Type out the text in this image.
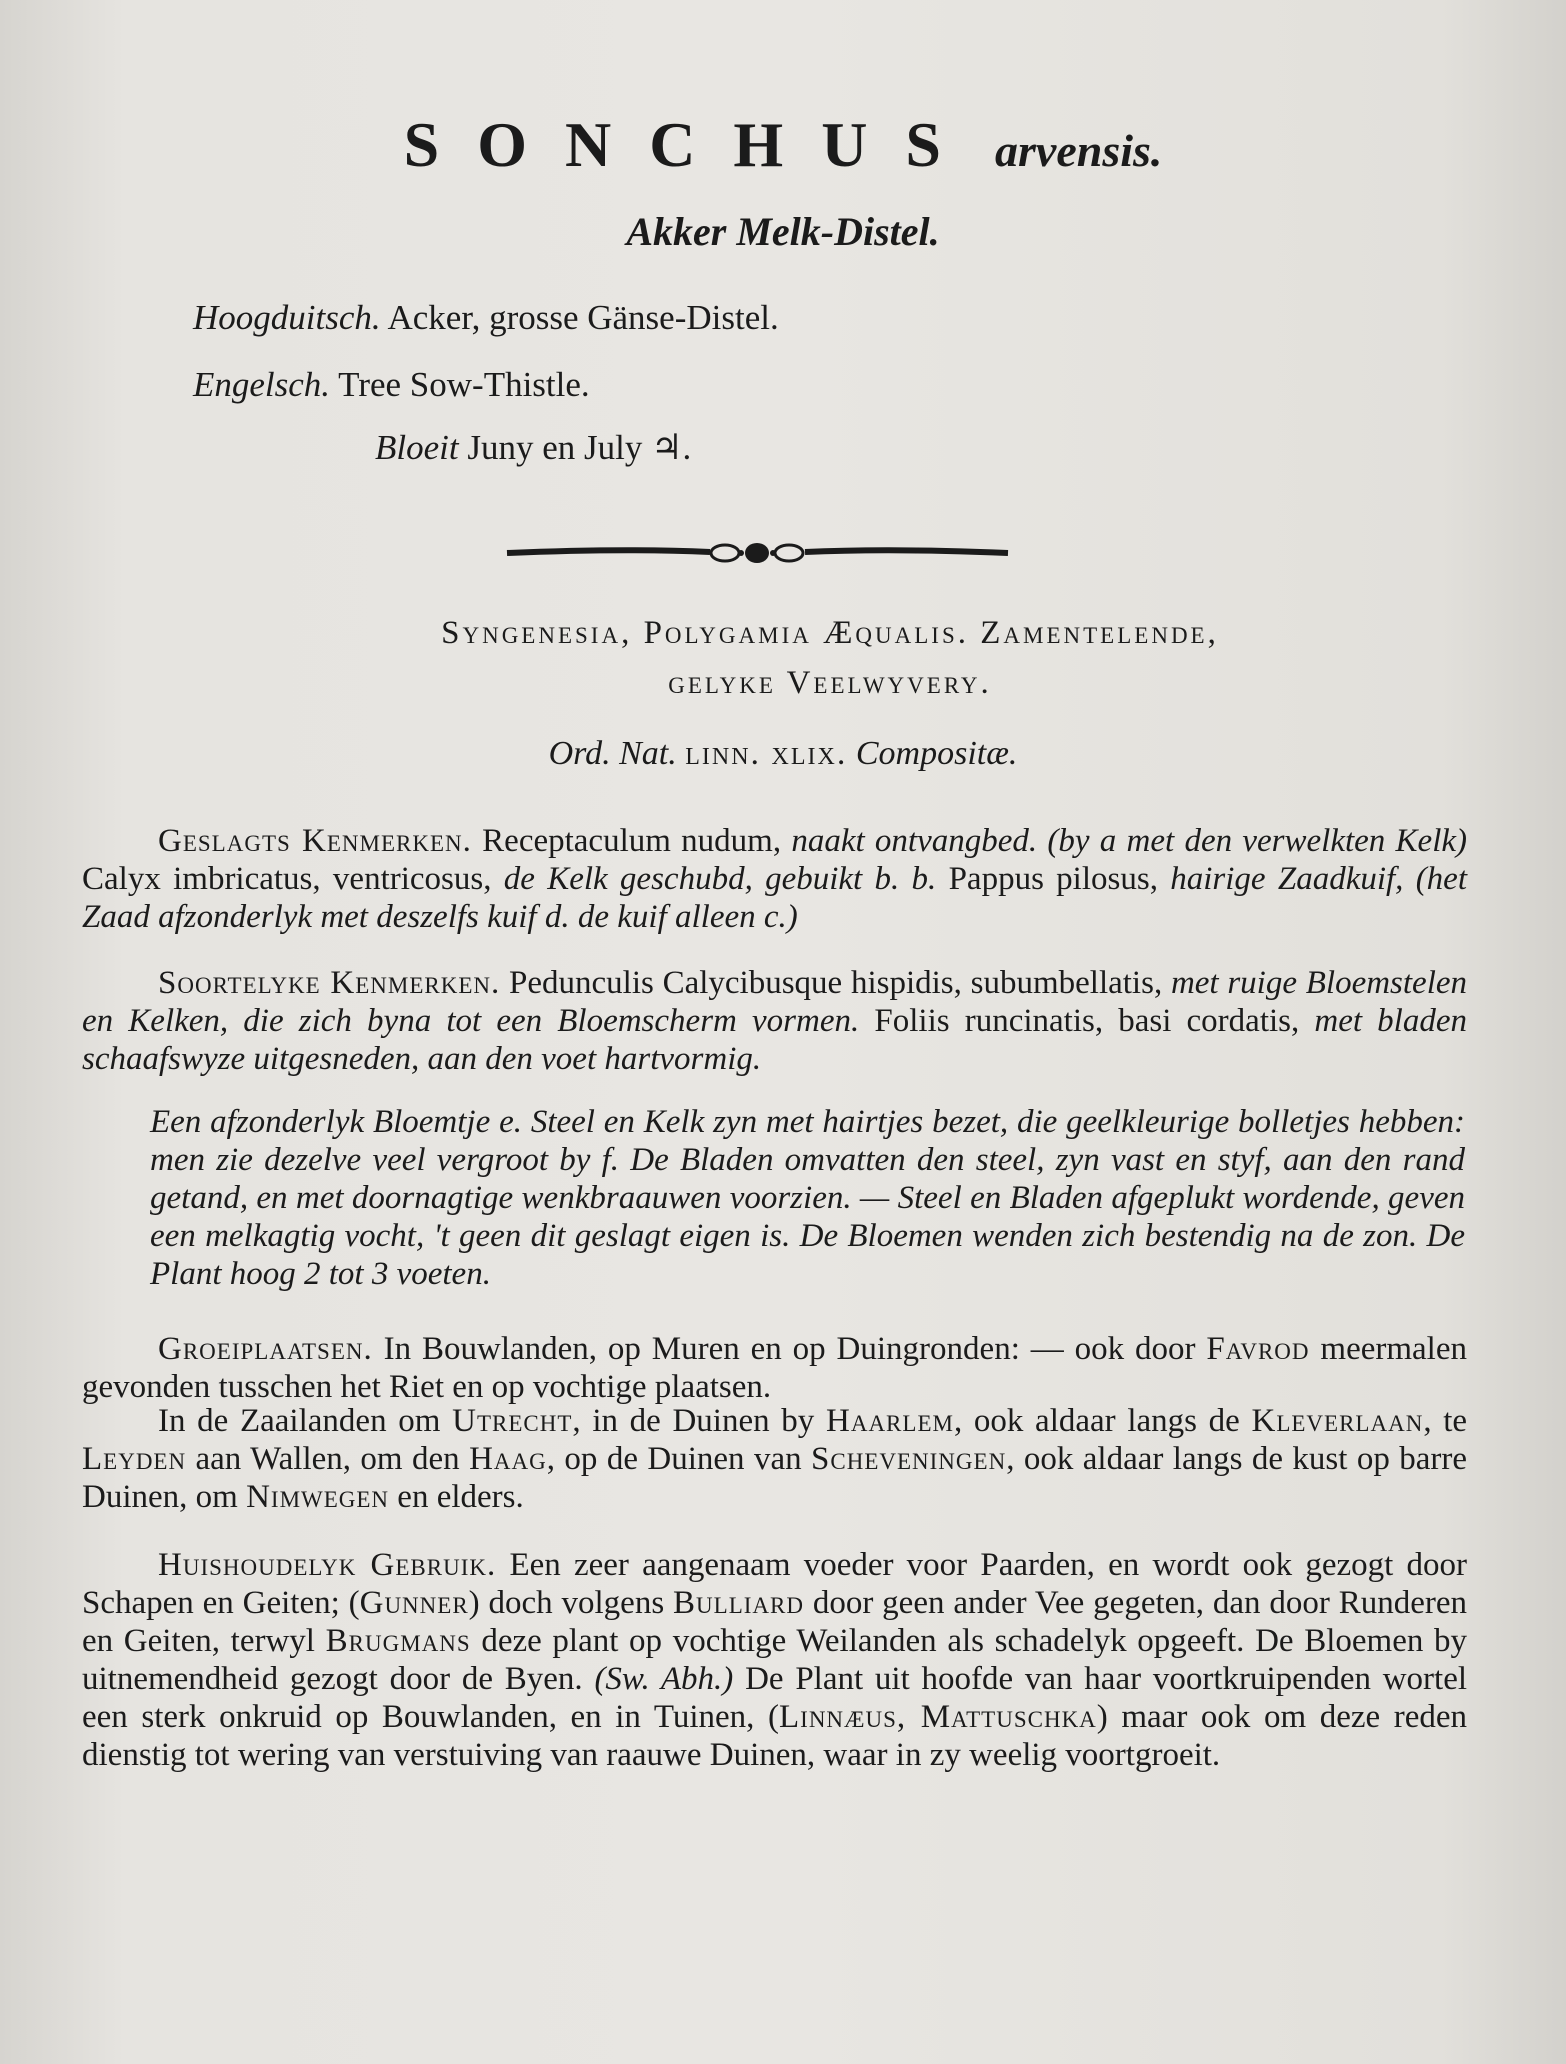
SONCHUS arvensis.
Akker Melk-Distel.
Hoogduitsch. Acker, grosse Gänse-Distel.
Engelsch. Tree Sow-Thistle.
Bloeit Juny en July ♃.
Syngenesia, Polygamia Æqualis. Zamentelende,
gelyke Veelwyvery.
Ord. Nat. linn. xlix. Compositæ.
Geslagts Kenmerken. Receptaculum nudum, naakt ontvangbed. (by a met den verwelkten Kelk) Calyx imbricatus, ventricosus, de Kelk geschubd, gebuikt b. b. Pappus pilosus, hairige Zaadkuif, (het Zaad afzonderlyk met deszelfs kuif d. de kuif alleen c.)
Soortelyke Kenmerken. Pedunculis Calycibusque hispidis, subumbellatis, met ruige Bloemstelen en Kelken, die zich byna tot een Bloemscherm vormen. Foliis runcinatis, basi cordatis, met bladen schaafswyze uitgesneden, aan den voet hartvormig.
Een afzonderlyk Bloemtje e. Steel en Kelk zyn met hairtjes bezet, die geelkleurige bolletjes hebben: men zie dezelve veel vergroot by f. De Bladen omvatten den steel, zyn vast en styf, aan den rand getand, en met doornagtige wenkbraauwen voorzien. — Steel en Bladen afgeplukt wordende, geven een melkagtig vocht, 't geen dit geslagt eigen is. De Bloemen wenden zich bestendig na de zon. De Plant hoog 2 tot 3 voeten.
Groeiplaatsen. In Bouwlanden, op Muren en op Duingronden: — ook door Favrod meermalen gevonden tusschen het Riet en op vochtige plaatsen.
In de Zaailanden om Utrecht, in de Duinen by Haarlem, ook aldaar langs de Kleverlaan, te Leyden aan Wallen, om den Haag, op de Duinen van Scheveningen, ook aldaar langs de kust op barre Duinen, om Nimwegen en elders.
Huishoudelyk Gebruik. Een zeer aangenaam voeder voor Paarden, en wordt ook gezogt door Schapen en Geiten; (Gunner) doch volgens Bulliard door geen ander Vee gegeten, dan door Runderen en Geiten, terwyl Brugmans deze plant op vochtige Weilanden als schadelyk opgeeft. De Bloemen by uitnemendheid gezogt door de Byen. (Sw. Abh.) De Plant uit hoofde van haar voortkruipenden wortel een sterk onkruid op Bouwlanden, en in Tuinen, (Linnæus, Mattuschka) maar ook om deze reden dienstig tot wering van verstuiving van raauwe Duinen, waar in zy weelig voortgroeit.
